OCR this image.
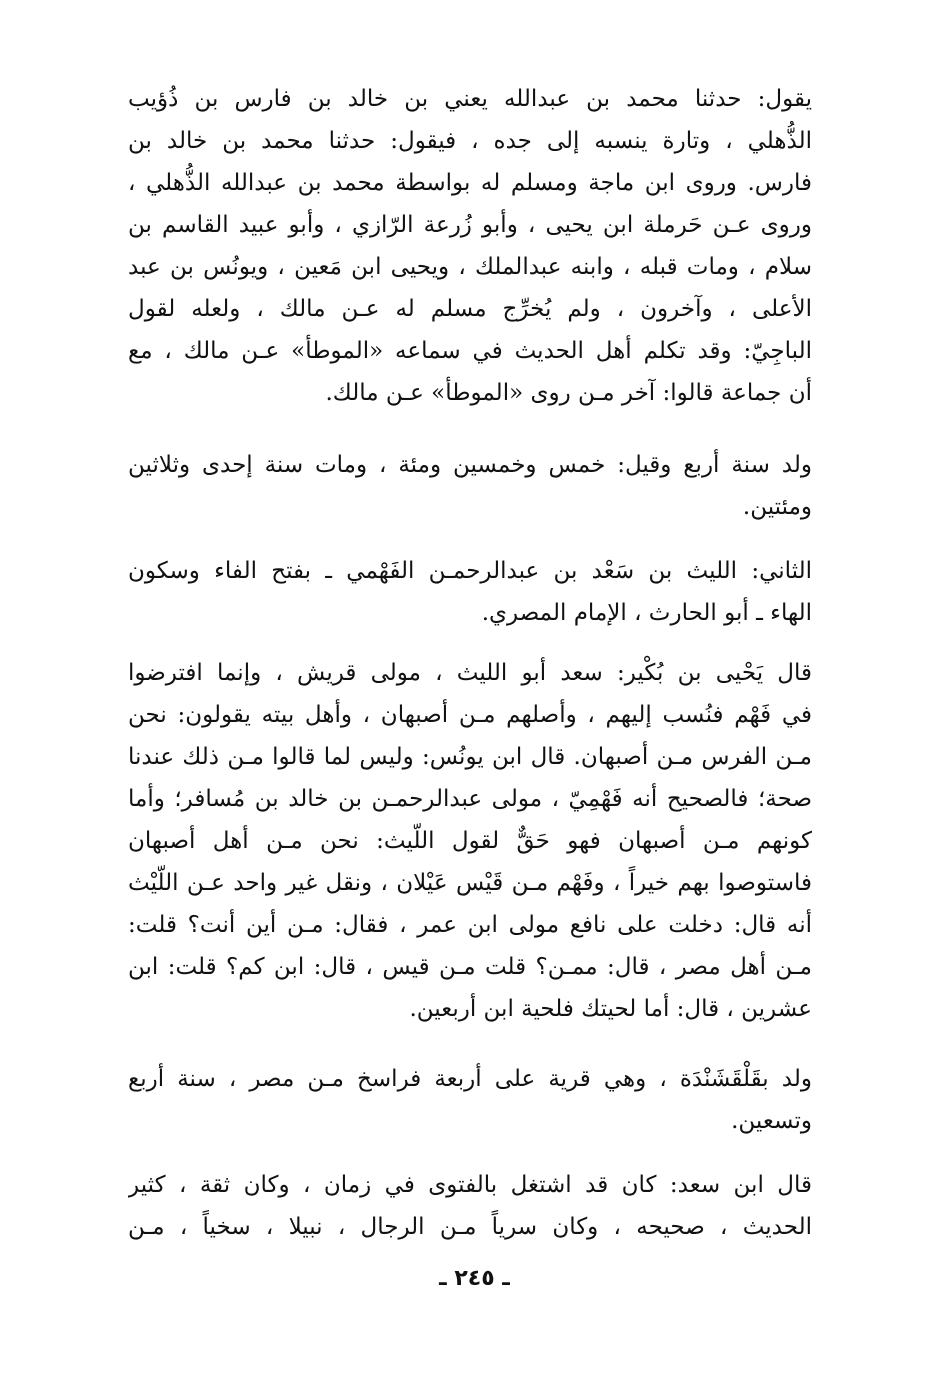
يقول: حدثنا محمد بن عبدالله يعني بن خالد بن فارس بن ذُؤيب
الذُّهلي ، وتارة ينسبه إلى جده ، فيقول: حدثنا محمد بن خالد بن
فارس. وروى ابن ماجة ومسلم له بواسطة محمد بن عبدالله الذُّهلي ،
وروى عـن حَرملة ابن يحيى ، وأبو زُرعة الرّازي ، وأبو عبيد القاسم بن
سلام ، ومات قبله ، وابنه عبدالملك ، ويحيى ابن مَعين ، ويونُس بن عبد
الأعلى ، وآخرون ، ولم يُخرِّج مسلم له عـن مالك ، ولعله لقول
الباجِيّ: وقد تكلم أهل الحديث في سماعه «الموطأ» عـن مالك ، مع
أن جماعة قالوا: آخر مـن روى «الموطأ» عـن مالك.
ولد سنة أربع وقيل: خمس وخمسين ومئة ، ومات سنة إحدى وثلاثين
ومئتين.
الثاني: الليث بن سَعْد بن عبدالرحمـن الفَهْمي ـ بفتح الفاء وسكون
الهاء ـ أبو الحارث ، الإمام المصري.
قال يَحْيى بن بُكْير: سعد أبو الليث ، مولى قريش ، وإنما افترضوا
في فَهْم فنُسب إليهم ، وأصلهم مـن أصبهان ، وأهل بيته يقولون: نحن
مـن الفرس مـن أصبهان. قال ابن يونُس: وليس لما قالوا مـن ذلك عندنا
صحة؛ فالصحيح أنه فَهْمِيّ ، مولى عبدالرحمـن بن خالد بن مُسافر؛ وأما
كونهم مـن أصبهان فهو حَقٌّ لقول اللّيث: نحن مـن أهل أصبهان
فاستوصوا بهم خيراً ، وفَهْم مـن قَيْس عَيْلان ، ونقل غير واحد عـن اللّيْث
أنه قال: دخلت على نافع مولى ابن عمر ، فقال: مـن أين أنت؟ قلت:
مـن أهل مصر ، قال: ممـن؟ قلت مـن قيس ، قال: ابن كم؟ قلت: ابن
عشرين ، قال: أما لحيتك فلحية ابن أربعين.
ولد بقَلْقَشَنْدَة ، وهي قرية على أربعة فراسخ مـن مصر ، سنة أربع
وتسعين.
قال ابن سعد: كان قد اشتغل بالفتوى في زمان ، وكان ثقة ، كثير
الحديث ، صحيحه ، وكان سرياً مـن الرجال ، نبيلا ، سخياً ، مـن
ـ ٢٤٥ ـ
